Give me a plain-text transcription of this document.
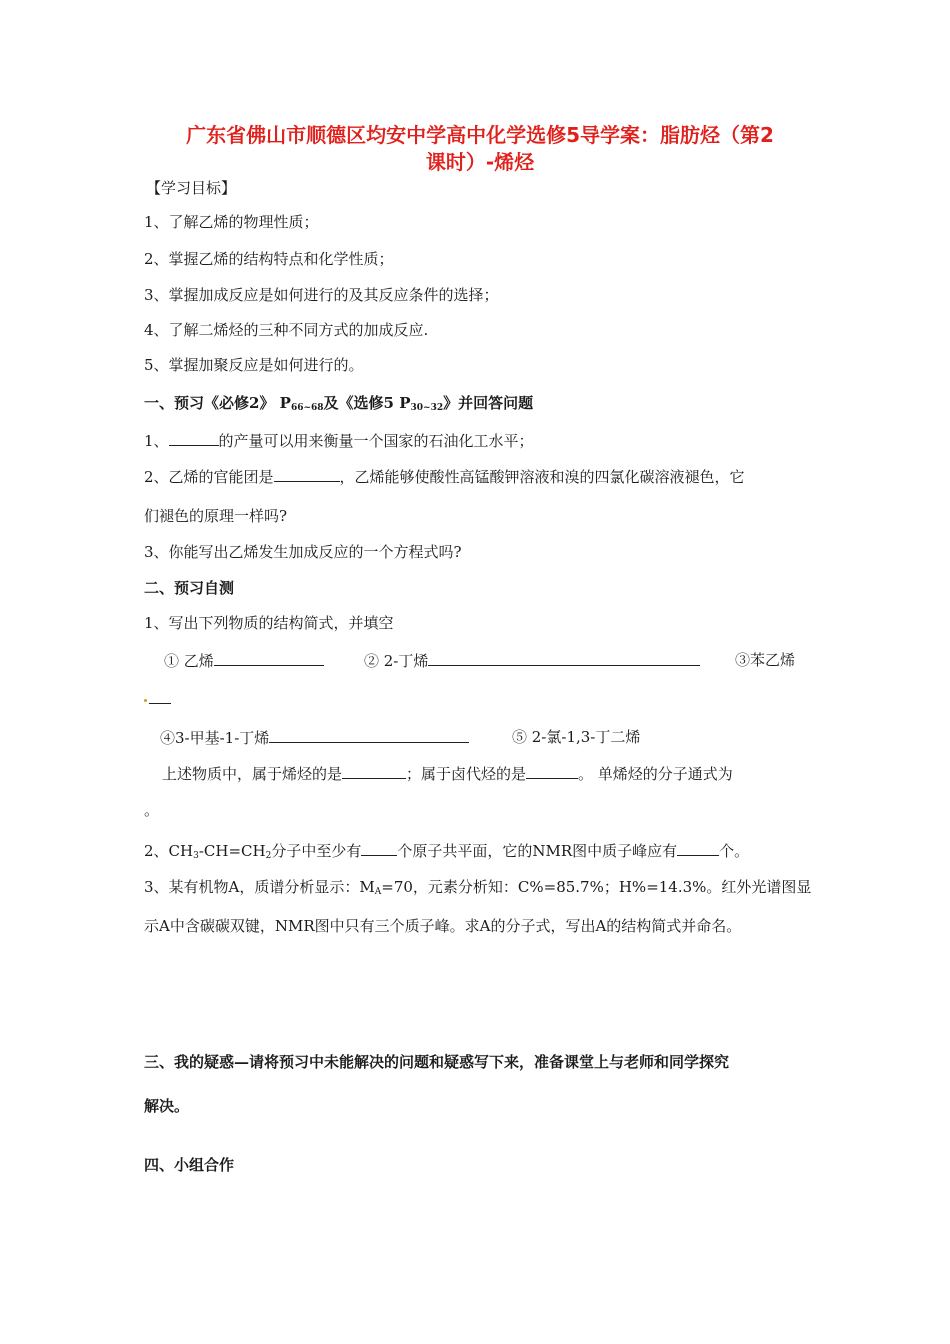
广东省佛山市顺德区均安中学高中化学选修5导学案：脂肪烃（第2
课时）-烯烃
【学习目标】
1、了解乙烯的物理性质；
2、掌握乙烯的结构特点和化学性质；
3、掌握加成反应是如何进行的及其反应条件的选择；
4、了解二烯烃的三种不同方式的加成反应.
5、掌握加聚反应是如何进行的。
一、预习《必修2》 $P_{66\sim 68}$及《选修5 $P_{30\sim 32}$》并回答问题
1、	的产量可以用来衡量一个国家的石油化工水平；
2、乙烯的官能团是	，乙烯能够使酸性高锰酸钾溶液和溴的四氯化碳溶液褪色，它
们褪色的原理一样吗?
3、你能写出乙烯发生加成反应的一个方程式吗?
二、预习自测
1、写出下列物质的结构简式，并填空
① 乙烯	② 2-丁烯	③苯乙烯
④3-甲基-1-丁烯	⑤ 2-氯-1,3-丁二烯
上述物质中，属于烯烃的是	；属于卤代烃的是	。 单烯烃的分子通式为
。
2、$CH_3-CH=CH_2$分子中至少有 个原子共平面，它的NMR图中质子峰应有	个。
3、某有机物A，质谱分析显示：$M_A=70$，元素分析知：C%=85.7%；H%=14.3%。红外光谱图显
示A中含碳碳双键，NMR图中只有三个质子峰。求A的分子式，写出A的结构简式并命名。
三、我的疑惑—请将预习中未能解决的问题和疑惑写下来，准备课堂上与老师和同学探究
解决。
四、小组合作
